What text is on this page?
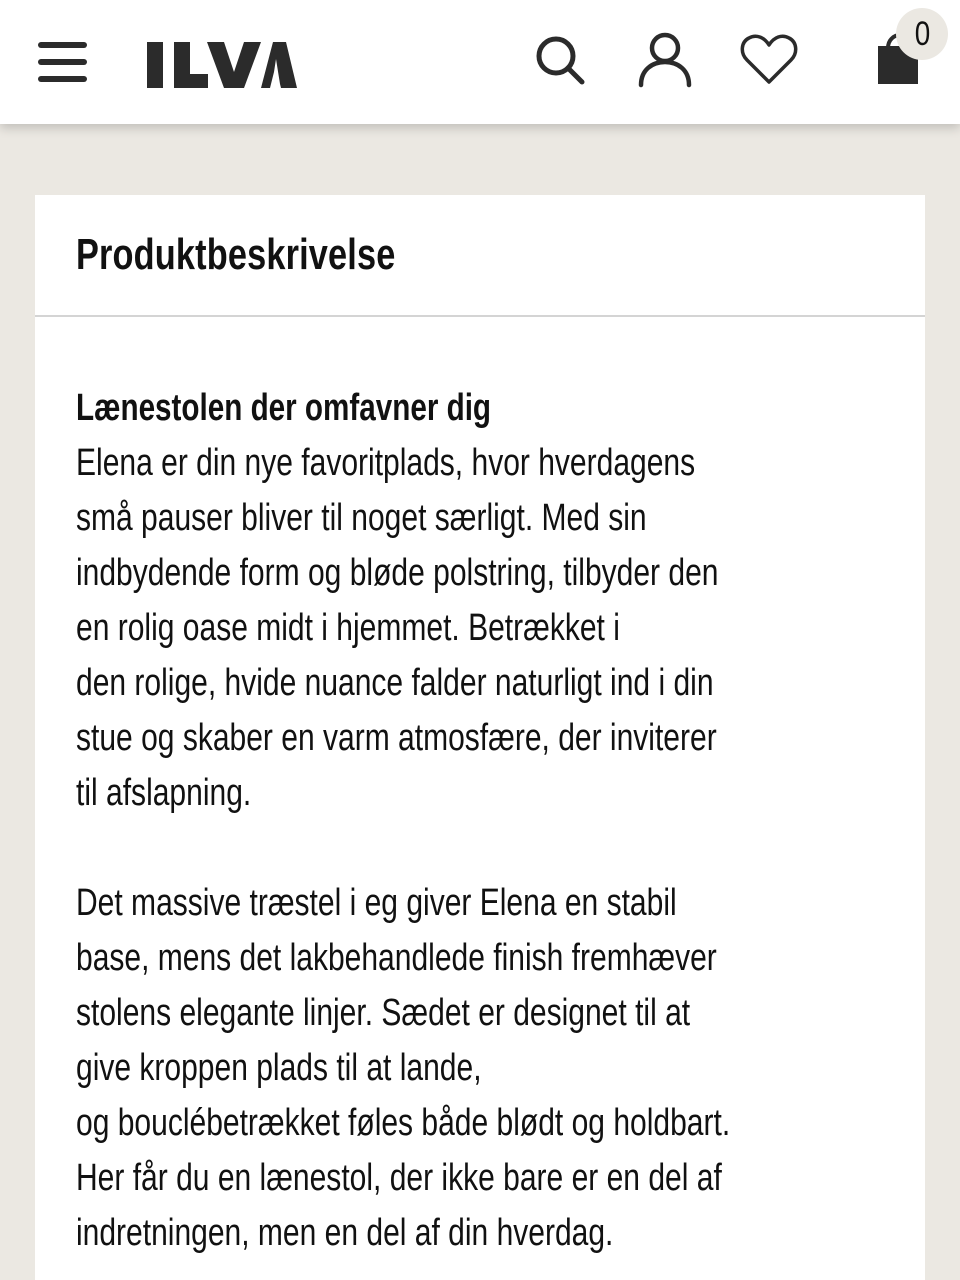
0
Produktbeskrivelse
Lænestolen der omfavner dig
Elena er din nye favoritplads, hvor hverdagens
små pauser bliver til noget særligt. Med sin
indbydende form og bløde polstring, tilbyder den
en rolig oase midt i hjemmet. Betrækket i
den rolige, hvide nuance falder naturligt ind i din
stue og skaber en varm atmosfære, der inviterer
til afslapning.
Det massive træstel i eg giver Elena en stabil
base, mens det lakbehandlede finish fremhæver
stolens elegante linjer. Sædet er designet til at
give kroppen plads til at lande,
og bouclébetrækket føles både blødt og holdbart.
Her får du en lænestol, der ikke bare er en del af
indretningen, men en del af din hverdag.
